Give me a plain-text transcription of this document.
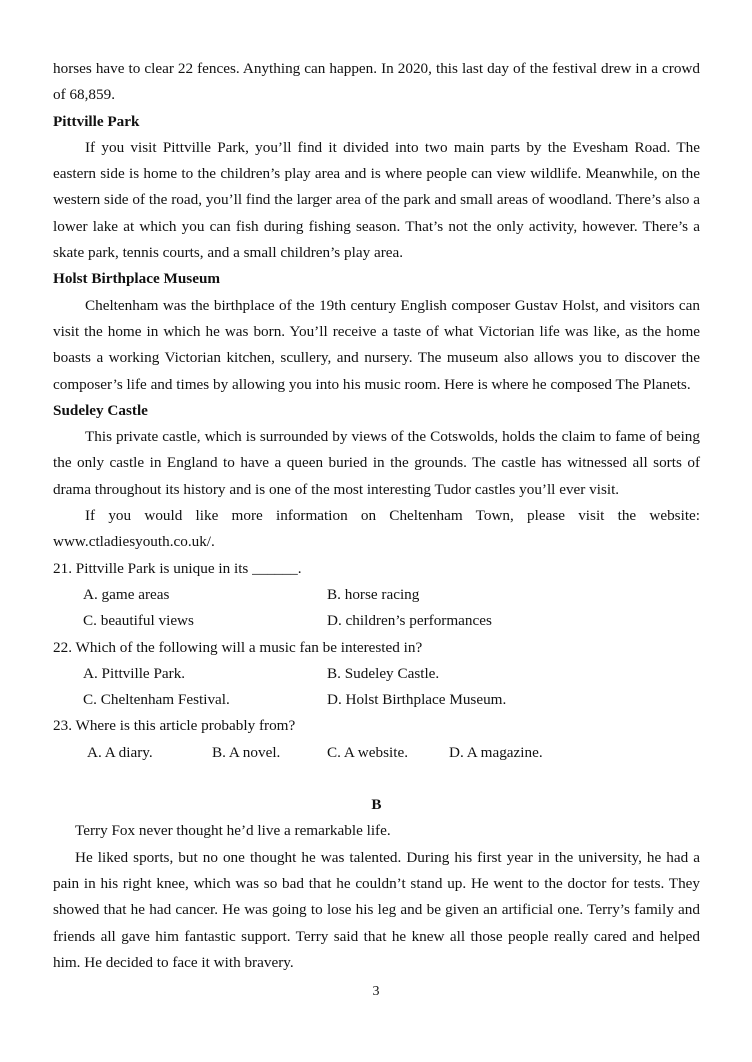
horses have to clear 22 fences. Anything can happen. In 2020, this last day of the festival drew in a crowd of 68,859.

Pittville Park

If you visit Pittville Park, you’ll find it divided into two main parts by the Evesham Road. The eastern side is home to the children’s play area and is where people can view wildlife. Meanwhile, on the western side of the road, you’ll find the larger area of the park and small areas of woodland. There’s also a lower lake at which you can fish during fishing season. That’s not the only activity, however. There’s a skate park, tennis courts, and a small children’s play area.

Holst Birthplace Museum

Cheltenham was the birthplace of the 19th century English composer Gustav Holst, and visitors can visit the home in which he was born. You’ll receive a taste of what Victorian life was like, as the home boasts a working Victorian kitchen, scullery, and nursery. The museum also allows you to discover the composer’s life and times by allowing you into his music room. Here is where he composed The Planets.

Sudeley Castle

This private castle, which is surrounded by views of the Cotswolds, holds the claim to fame of being the only castle in England to have a queen buried in the grounds. The castle has witnessed all sorts of drama throughout its history and is one of the most interesting Tudor castles you’ll ever visit.

If you would like more information on Cheltenham Town, please visit the website:

www.ctladiesyouth.co.uk/.

21. Pittville Park is unique in its ______.

A. game areas	B. horse racing
C. beautiful views	D. children’s performances

22. Which of the following will a music fan be interested in?

A. Pittville Park.	B. Sudeley Castle.
C. Cheltenham Festival.	D. Holst Birthplace Museum.

23. Where is this article probably from?

A. A diary.	B. A novel.	C. A website.	D. A magazine.
B

Terry Fox never thought he’d live a remarkable life.

He liked sports, but no one thought he was talented. During his first year in the university, he had a pain in his right knee, which was so bad that he couldn’t stand up. He went to the doctor for tests. They showed that he had cancer. He was going to lose his leg and be given an artificial one. Terry’s family and friends all gave him fantastic support. Terry said that he knew all those people really cared and helped him. He decided to face it with bravery.

3
